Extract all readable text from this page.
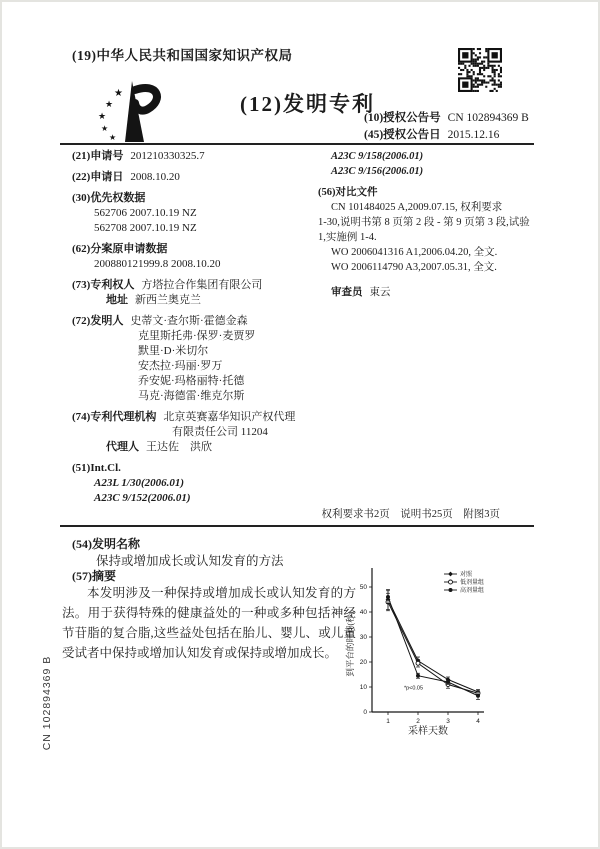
(19)中华人民共和国国家知识产权局
★
★
★
★
★
(12)发明专利
(10)授权公告号 CN 102894369 B
(45)授权公告日 2015.12.16
(21)申请号 201210330325.7
(22)申请日 2008.10.20
(30)优先权数据
562706 2007.10.19 NZ
562708 2007.10.19 NZ
(62)分案原申请数据
200880121999.8 2008.10.20
(73)专利权人 方塔拉合作集团有限公司
地址 新西兰奥克兰
(72)发明人 史蒂文·查尔斯·霍德金森
克里斯托弗·保罗·麦贾罗
默里·D·米切尔
安杰拉·玛丽·罗万
乔安妮·玛格丽特·托德
马克·海德雷·维克尔斯
(74)专利代理机构 北京英赛嘉华知识产权代理
有限责任公司 11204
代理人 王达佐　洪欣
(51)Int.Cl.
A23L 1/30(2006.01)
A23C 9/152(2006.01)
A23C 9/158(2006.01)
A23C 9/156(2006.01)
(56)对比文件
CN 101484025 A,2009.07.15, 权利要求
1-30,说明书第 8 页第 2 段 - 第 9 页第 3 段,试验
1,实施例 1-4.
WO 2006041316 A1,2006.04.20, 全文.
WO 2006114790 A3,2007.05.31, 全文.
审查员 東云
权利要求书2页　说明书25页　附图3页
(54)发明名称
保持或增加成长或认知发育的方法
(57)摘要
本发明涉及一种保持或增加成长或认知发育的方法。用于获得特殊的健康益处的一种或多种包括神经节苷脂的复合脂,这些益处包括在胎儿、婴儿、或儿童受试者中保持或增加认知发育或保持或增加成长。
0
10
20
30
40
50
1	2	3	4
对照
低剂量组
高剂量组
*p<0.05
采样天数
到平台的时间(秒)
CN 102894369 B
